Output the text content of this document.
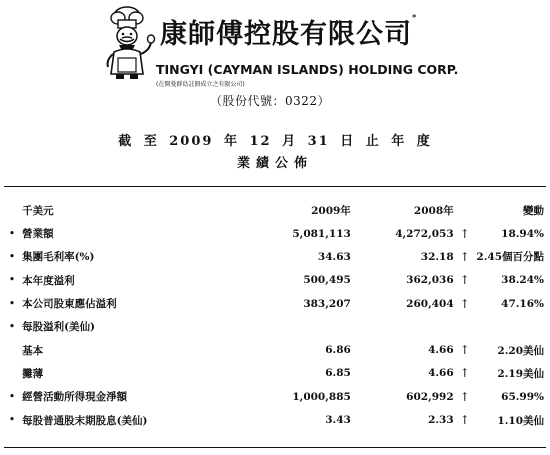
康師傅控股有限公司*
TINGYI (CAYMAN ISLANDS) HOLDING CORP.
(在開曼群島註冊成立之有限公司)
（股份代號：0322）
截 至 2009 年 12 月 31 日 止 年 度
業績公佈
	千美元	2009年	2008年		變動
•	營業額	5,081,113	4,272,053	↑	18.94%
•	集團毛利率(%)	34.63	32.18	↑	2.45個百分點
•	本年度溢利	500,495	362,036	↑	38.24%
•	本公司股東應佔溢利	383,207	260,404	↑	47.16%
•	每股溢利(美仙)				
	基本	6.86	4.66	↑	2.20美仙
	攤薄	6.85	4.66	↑	2.19美仙
•	經營活動所得現金淨額	1,000,885	602,992	↑	65.99%
•	每股普通股末期股息(美仙)	3.43	2.33	↑	1.10美仙
